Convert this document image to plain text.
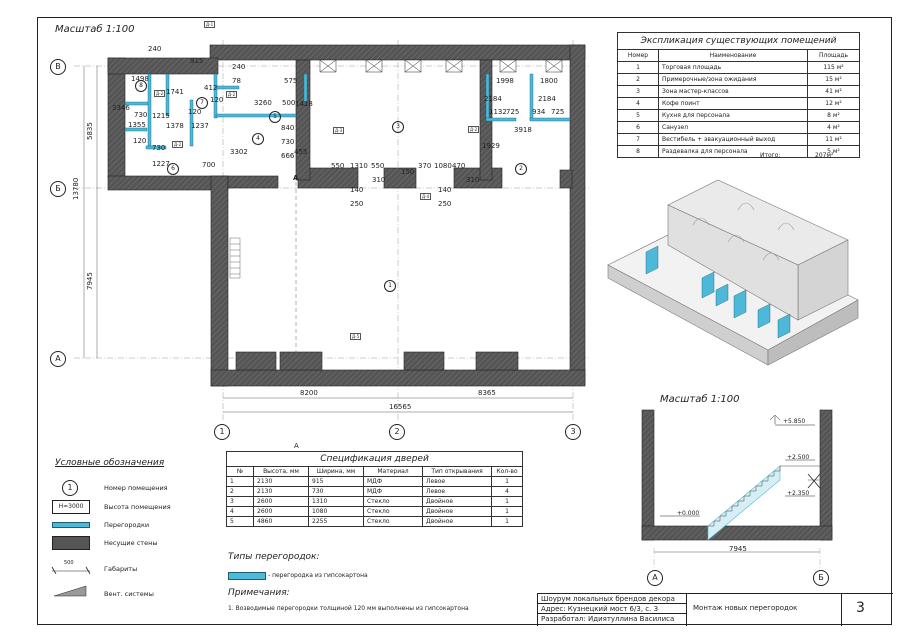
Масштаб 1:100
В
Б
А
1	2	3
13780
5835
7945
8200	8365
16565
А
А
240
915
1498
240
78	575	1998	1800
3260 500	2184	2184
3918
1132 725 934 725
1929
3302	666
730
840
455
1418
1741	412
120
1215
1378 1237
730
120
1355
3346
120
730
1227	700	550 1310 550	370 1080 470
310	310
150
250
140
250
140
8
7
5
4
3
2
6
1
Д-1
Д-2
Д-2
Д-2
Д-2
Д-3
Д-4
Д-5
Экспликация существующих помещений		
Номер	Наименование	Площадь
1	Торговая площадь	115 м²
2	Примерочные/зона ожидания	15 м²
3	Зона мастер-классов	41 м²
4	Кофе поинт	12 м²
5	Кухня для персонала	8 м²
6	Санузел	4 м²
7	Вестибель + эвакуационный выход	11 м²
8	Раздевалка для персонала	5 м²
Итого:	207м²
Масштаб 1:100
+5.850
+2.500
+2.350
+0.000
7945
А	Б
Условные обозначения
1	Номер помещения
H=3000	Высота помещения
Перегородки
Несущие стены
500
Габариты
Вент. системы
Спецификация дверей					
№	Высота, мм	Ширина, мм	Материал	Тип открывания	Кол-во
1	2130	915	МДФ	Левое	1
2	2130	730	МДФ	Левое	4
3	2600	1310	Стекло	Двойное	1
4	2600	1080	Стекло	Двойное	1
5	4860	2255	Стекло	Двойное	1
Типы перегородок:
- перегородка из гипсокартона
Примечания:
1. Возводимые перегородки толщиной 120 мм выполнены из гипсокартона
Шоурум локальных брендов декора
Адрес: Кузнецкий мост 6/3, с. 3
Разработал: Идиятуллина Василиса
Монтаж новых перегородок	3
